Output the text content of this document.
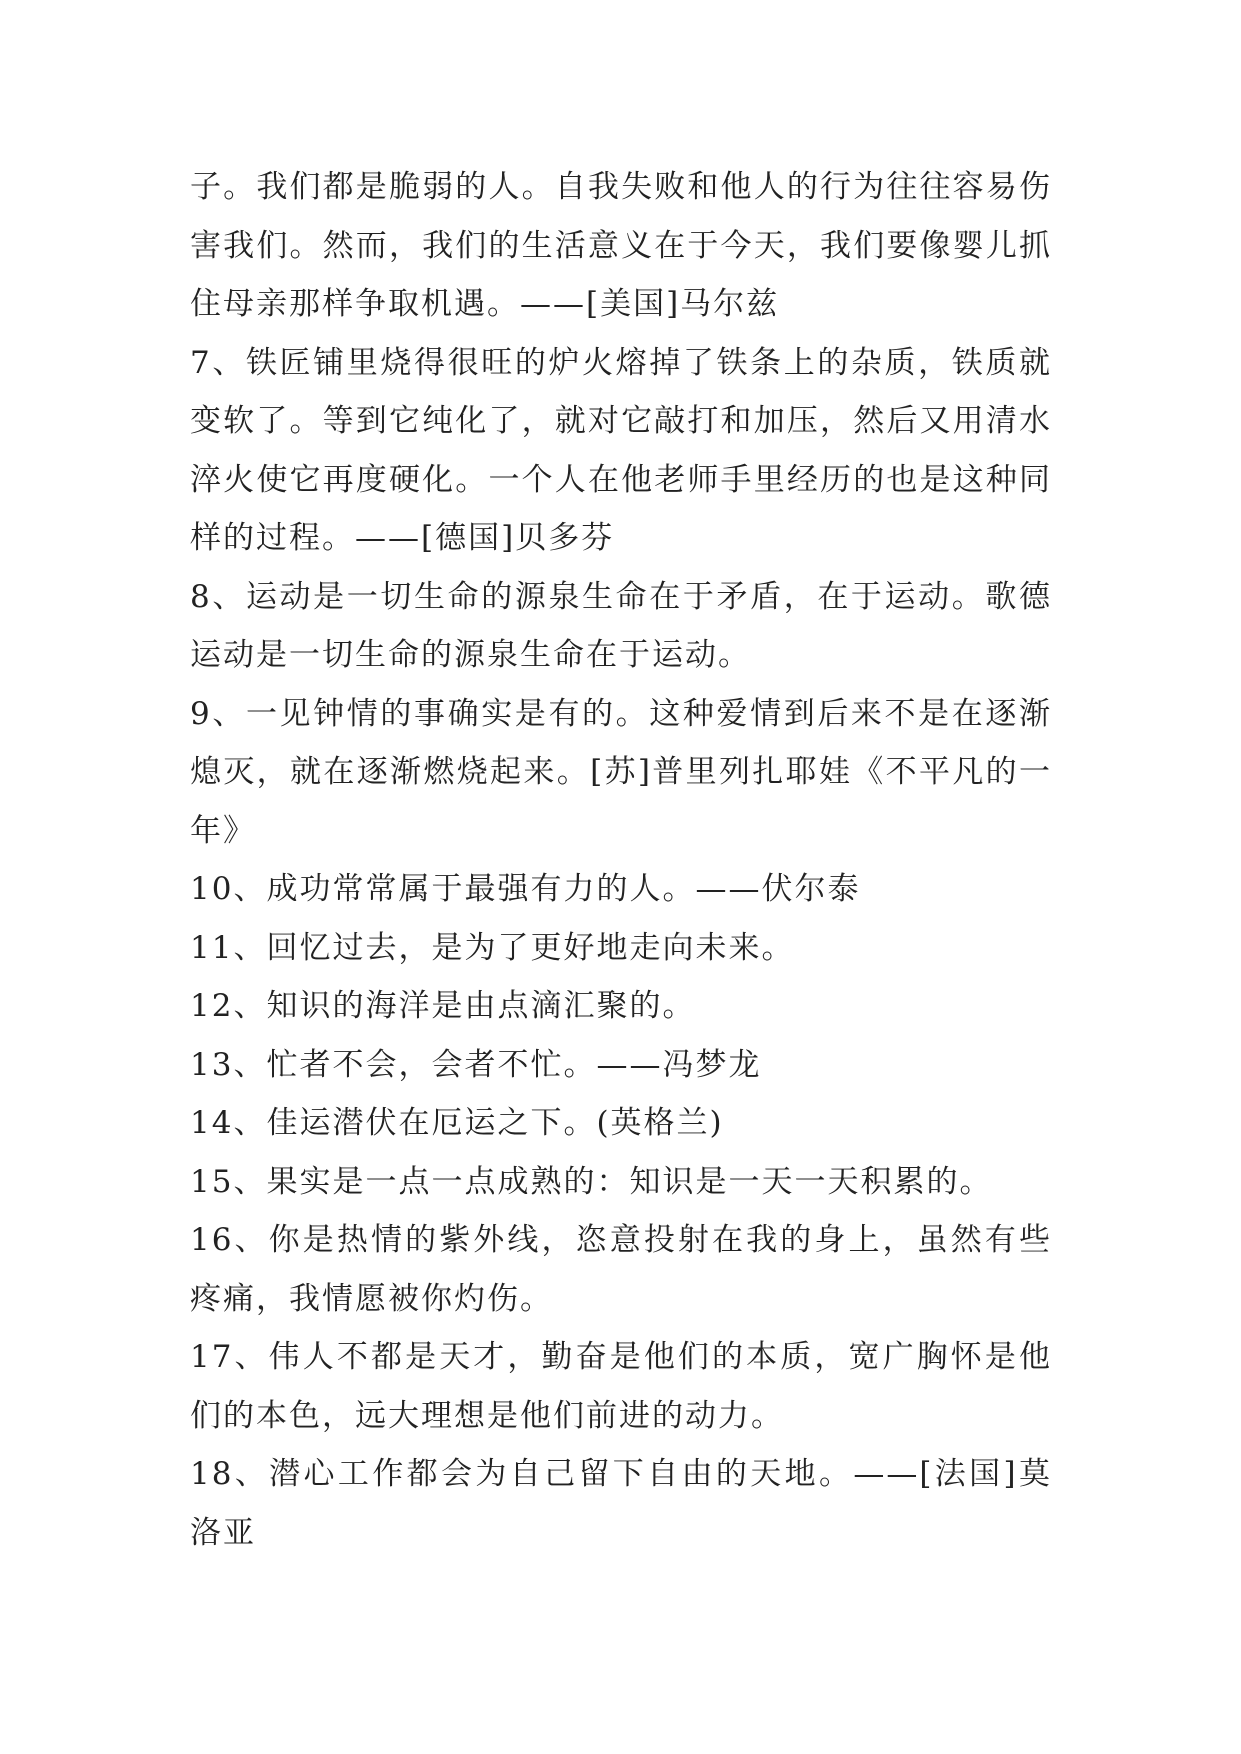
子。我们都是脆弱的人。自我失败和他人的行为往往容易伤害我们。然而，我们的生活意义在于今天，我们要像婴儿抓住母亲那样争取机遇。——[美国]马尔兹

7、铁匠铺里烧得很旺的炉火熔掉了铁条上的杂质，铁质就变软了。等到它纯化了，就对它敲打和加压，然后又用清水淬火使它再度硬化。一个人在他老师手里经历的也是这种同样的过程。——[德国]贝多芬

8、运动是一切生命的源泉生命在于矛盾，在于运动。歌德运动是一切生命的源泉生命在于运动。

9、一见钟情的事确实是有的。这种爱情到后来不是在逐渐熄灭，就在逐渐燃烧起来。[苏]普里列扎耶娃《不平凡的一年》

10、成功常常属于最强有力的人。——伏尔泰

11、回忆过去，是为了更好地走向未来。

12、知识的海洋是由点滴汇聚的。

13、忙者不会，会者不忙。——冯梦龙

14、佳运潜伏在厄运之下。(英格兰)

15、果实是一点一点成熟的：知识是一天一天积累的。

16、你是热情的紫外线，恣意投射在我的身上，虽然有些疼痛，我情愿被你灼伤。

17、伟人不都是天才，勤奋是他们的本质，宽广胸怀是他们的本色，远大理想是他们前进的动力。

18、潜心工作都会为自己留下自由的天地。——[法国]莫洛亚
